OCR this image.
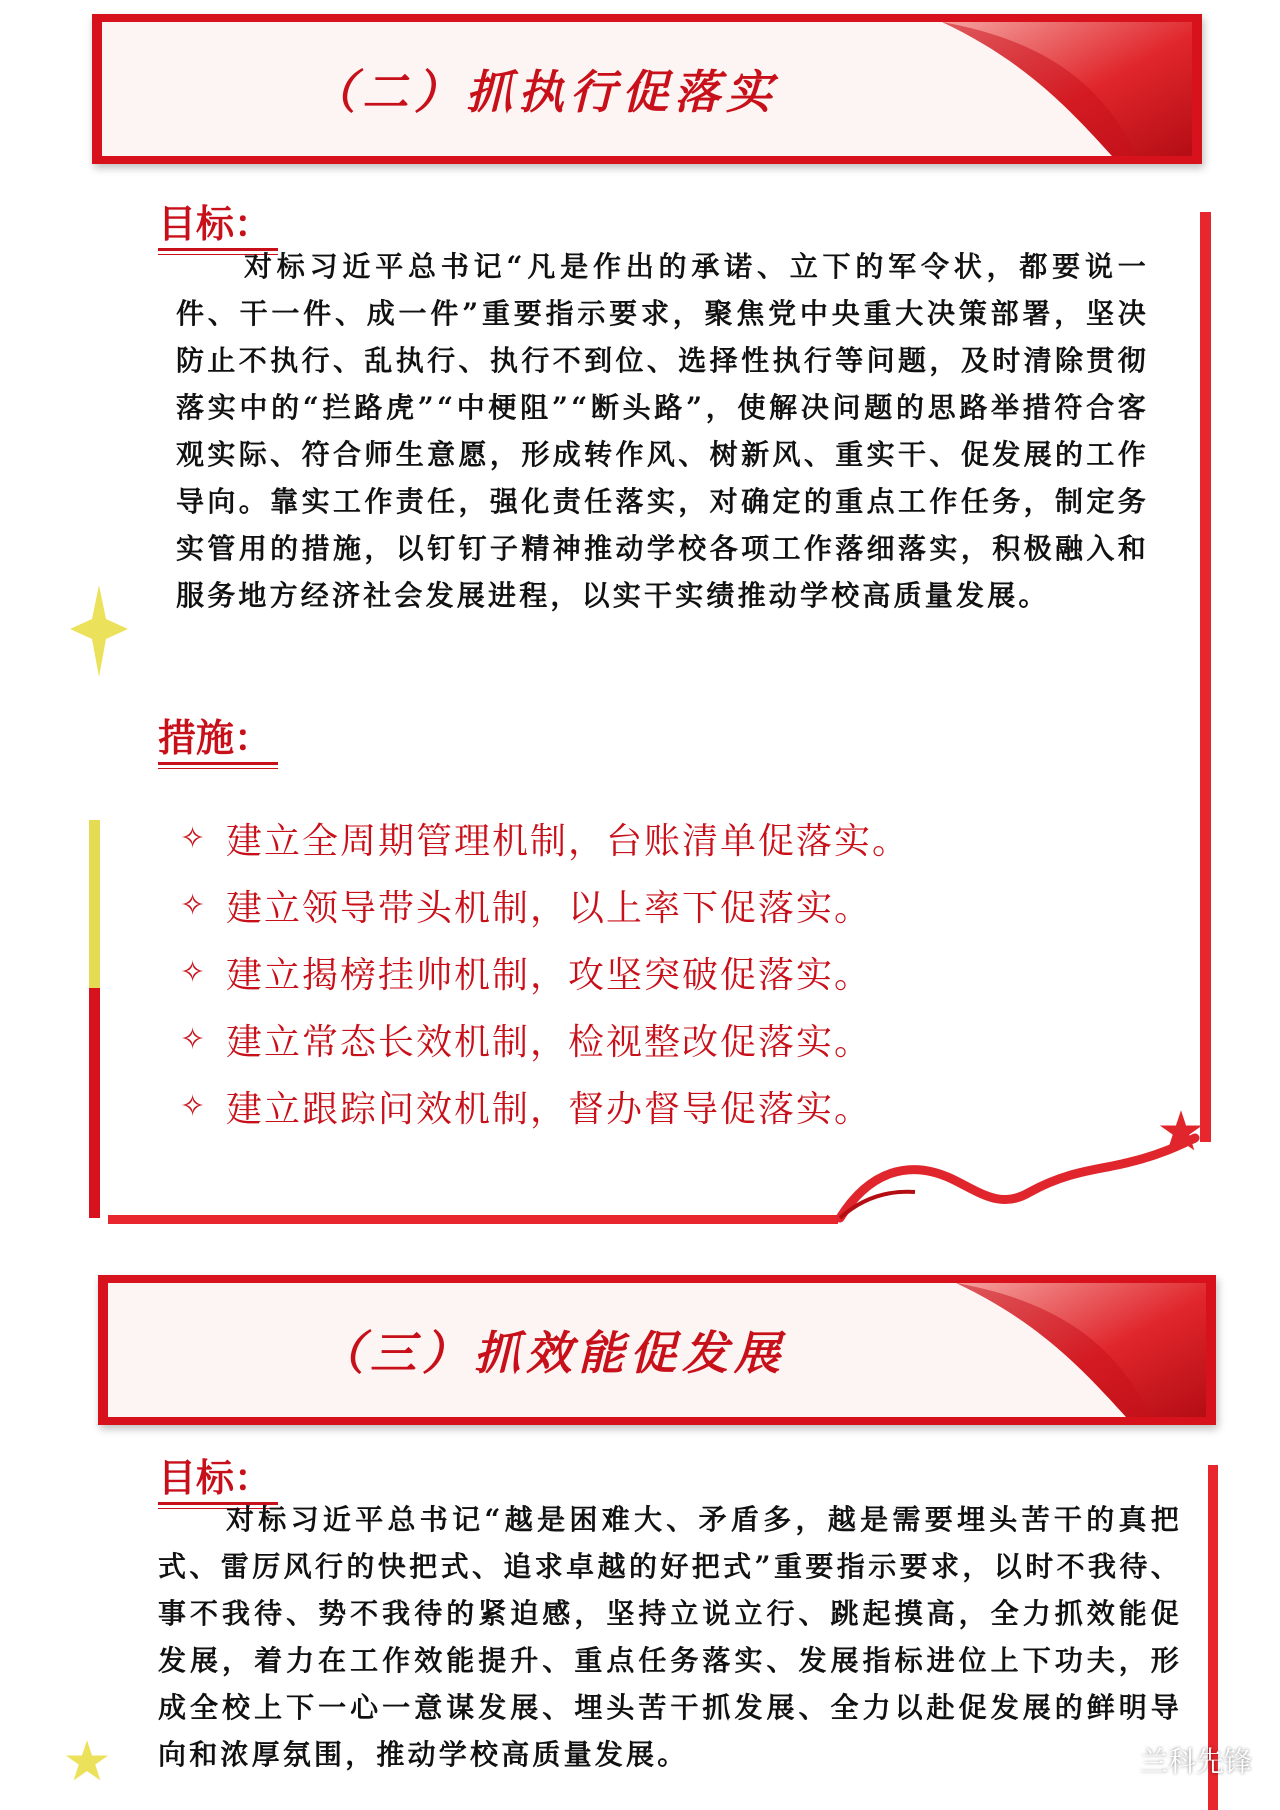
（二）抓执行促落实
目标：

对标习近平总书记“凡是作出的承诺、立下的军令状，都要说一件、干一件、成一件”重要指示要求，聚焦党中央重大决策部署，坚决防止不执行、乱执行、执行不到位、选择性执行等问题，及时清除贯彻落实中的“拦路虎”“中梗阻”“断头路”，使解决问题的思路举措符合客观实际、符合师生意愿，形成转作风、树新风、重实干、促发展的工作导向。靠实工作责任，强化责任落实，对确定的重点工作任务，制定务实管用的措施，以钉钉子精神推动学校各项工作落细落实，积极融入和服务地方经济社会发展进程，以实干实绩推动学校高质量发展。

措施：
✧ 建立全周期管理机制，台账清单促落实。
✧ 建立领导带头机制，以上率下促落实。
✧ 建立揭榜挂帅机制，攻坚突破促落实。
✧ 建立常态长效机制，检视整改促落实。
✧ 建立跟踪问效机制，督办督导促落实。
（三）抓效能促发展
目标：

对标习近平总书记“越是困难大、矛盾多，越是需要埋头苦干的真把式、雷厉风行的快把式、追求卓越的好把式”重要指示要求，以时不我待、事不我待、势不我待的紧迫感，坚持立说立行、跳起摸高，全力抓效能促发展，着力在工作效能提升、重点任务落实、发展指标进位上下功夫，形成全校上下一心一意谋发展、埋头苦干抓发展、全力以赴促发展的鲜明导向和浓厚氛围，推动学校高质量发展。	兰科先锋
